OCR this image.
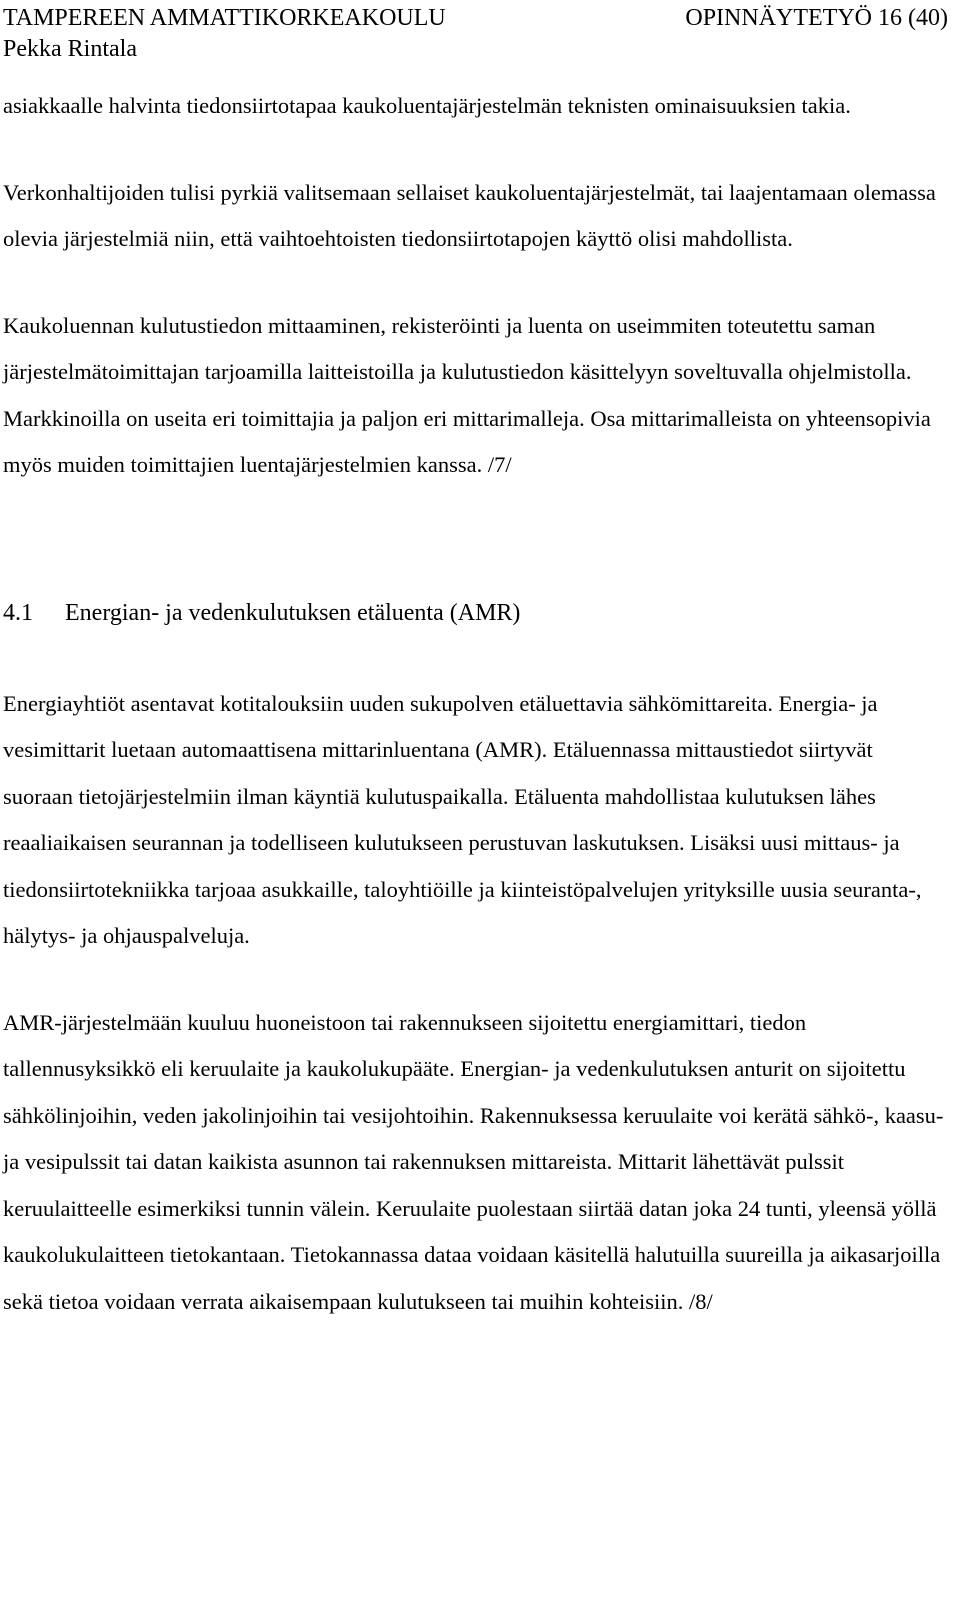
TAMPEREEN AMMATTIKORKEAKOULU	OPINNÄYTETYÖ 16 (40)
Pekka Rintala

asiakkaalle halvinta tiedonsiirtotapaa kaukoluentajärjestelmän teknisten ominaisuuksien takia.

Verkonhaltijoiden tulisi pyrkiä valitsemaan sellaiset kaukoluentajärjestelmät, tai laajentamaan olemassa olevia järjestelmiä niin, että vaihtoehtoisten tiedonsiirtotapojen käyttö olisi mahdollista.

Kaukoluennan kulutustiedon mittaaminen, rekisteröinti ja luenta on useimmiten toteutettu saman järjestelmätoimittajan tarjoamilla laitteistoilla ja kulutustiedon käsittelyyn soveltuvalla ohjelmistolla. Markkinoilla on useita eri toimittajia ja paljon eri mittarimalleja. Osa mittarimalleista on yhteensopivia myös muiden toimittajien luentajärjestelmien kanssa. /7/

4.1	Energian- ja vedenkulutuksen etäluenta (AMR)

Energiayhtiöt asentavat kotitalouksiin uuden sukupolven etäluettavia sähkömittareita. Energia- ja vesimittarit luetaan automaattisena mittarinluentana (AMR). Etäluennassa mittaustiedot siirtyvät suoraan tietojärjestelmiin ilman käyntiä kulutuspaikalla. Etäluenta mahdollistaa kulutuksen lähes reaaliaikaisen seurannan ja todelliseen kulutukseen perustuvan laskutuksen. Lisäksi uusi mittaus- ja tiedonsiirtotekniikka tarjoaa asukkaille, taloyhtiöille ja kiinteistöpalvelujen yrityksille uusia seuranta-, hälytys- ja ohjauspalveluja.

AMR-järjestelmään kuuluu huoneistoon tai rakennukseen sijoitettu energiamittari, tiedon tallennusyksikkö eli keruulaite ja kaukolukupääte. Energian- ja vedenkulutuksen anturit on sijoitettu sähkölinjoihin, veden jakolinjoihin tai vesijohtoihin. Rakennuksessa keruulaite voi kerätä sähkö-, kaasu- ja vesipulssit tai datan kaikista asunnon tai rakennuksen mittareista. Mittarit lähettävät pulssit keruulaitteelle esimerkiksi tunnin välein. Keruulaite puolestaan siirtää datan joka 24 tunti, yleensä yöllä kaukolukulaitteen tietokantaan. Tietokannassa dataa voidaan käsitellä halutuilla suureilla ja aikasarjoilla sekä tietoa voidaan verrata aikaisempaan kulutukseen tai muihin kohteisiin. /8/
